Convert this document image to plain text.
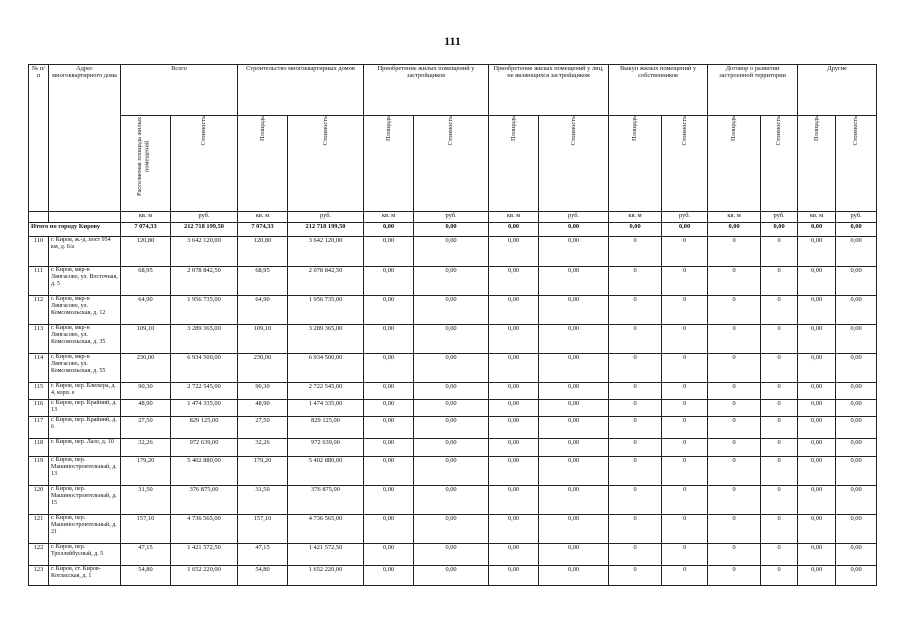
111
№ п/п	Адрес многоквартирного дома	Всего		Строительство многоквартирных домов		Приобретение жилых помещений у застройщиков		Приобретение жилых помещений у лиц, не являющихся застройщиком		Выкуп жилых помещений у собственников		Договор о развитии застроенной территории		Другие	
		Расселяемая площадь жилых помещений	Стоимость	Площадь	Стоимость	Площадь	Стоимость	Площадь	Стоимость	Площадь	Стоимость	Площадь	Стоимость	Площадь	Стоимость
		кв. м	руб.	кв. м	руб.	кв. м	руб.	кв. м	руб.	кв. м	руб.	кв. м	руб.	кв. м	руб.
Итого по городу Кирову		7 074,33	212 718 199,50	7 074,33	212 718 199,50	0,00	0,00	0,00	0,00	0,00	0,00	0,00	0,00	0,00	0,00
110	г. Киров, ж.-д. пост 954 км, д. 6/а	120,80	3 642 120,00	120,80	3 642 120,00	0,00	0,00	0,00	0,00	0	0	0	0	0,00	0,00
111	г. Киров, мкр-н Лянгасово, ул. Восточная, д. 5	68,95	2 078 842,50	68,95	2 078 842,50	0,00	0,00	0,00	0,00	0	0	0	0	0,00	0,00
112	г. Киров, мкр-н Лянгасово, ул. Комсомольская, д. 12	64,90	1 956 735,00	64,90	1 956 735,00	0,00	0,00	0,00	0,00	0	0	0	0	0,00	0,00
113	г. Киров, мкр-н Лянгасово, ул. Комсомольская, д. 35	109,10	3 289 365,00	109,10	3 289 365,00	0,00	0,00	0,00	0,00	0	0	0	0	0,00	0,00
114	г. Киров, мкр-н Лянгасово, ул. Комсомольская, д. 55	230,00	6 934 500,00	230,00	6 934 500,00	0,00	0,00	0,00	0,00	0	0	0	0	0,00	0,00
115	г. Киров, пер. Блюхера, д. 4, корп. е	90,30	2 722 545,00	90,30	2 722 545,00	0,00	0,00	0,00	0,00	0	0	0	0	0,00	0,00
116	г. Киров, пер. Крайний, д. 13	48,90	1 474 335,00	48,90	1 474 335,00	0,00	0,00	0,00	0,00	0	0	0	0	0,00	0,00
117	г. Киров, пер. Крайний, д. 6	27,50	829 125,00	27,50	829 125,00	0,00	0,00	0,00	0,00	0	0	0	0	0,00	0,00
118	г. Киров, пер. Лазо, д. 10	32,26	972 639,00	32,26	972 639,00	0,00	0,00	0,00	0,00	0	0	0	0	0,00	0,00
119	г. Киров, пер. Машиностроительный, д. 13	179,20	5 402 880,00	179,20	5 402 880,00	0,00	0,00	0,00	0,00	0	0	0	0	0,00	0,00
120	г. Киров, пер. Машиностроительный, д. 15	31,50	376 875,00	31,50	376 875,00	0,00	0,00	0,00	0,00	0	0	0	0	0,00	0,00
121	г. Киров, пер. Машиностроительный, д. 21	157,10	4 736 565,00	157,10	4 736 565,00	0,00	0,00	0,00	0,00	0	0	0	0	0,00	0,00
122	г. Киров, пер. Троллейбусный, д. 5	47,15	1 421 572,50	47,15	1 421 572,50	0,00	0,00	0,00	0,00	0	0	0	0	0,00	0,00
123	г. Киров, ст. Киров-Котласская, д. 1	54,80	1 652 220,00	54,80	1 652 220,00	0,00	0,00	0,00	0,00	0	0	0	0	0,00	0,00
